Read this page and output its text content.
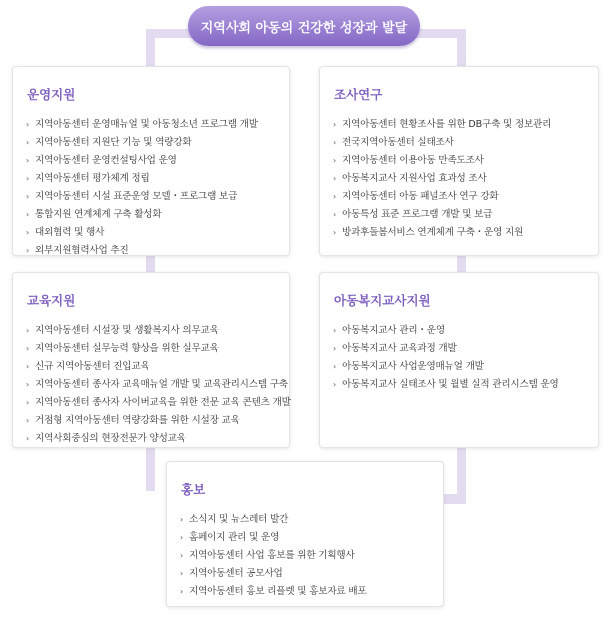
지역사회 아동의 건강한 성장과 발달
운영지원
› 지역아동센터 운영매뉴얼 및 아동청소년 프로그램 개발
› 지역아동센터 지원단 기능 및 역량강화
› 지역아동센터 운영컨설팅사업 운영
› 지역아동센터 평가체계 정립
› 지역아동센터 시설 표준운영 모델・프로그램 보급
› 통합지원 연계체계 구축 활성화
› 대외협력 및 행사
› 외부지원협력사업 추진
조사연구
› 지역아동센터 현황조사를 위한 DB구축 및 정보관리
› 전국지역아동센터 실태조사
› 지역아동센터 이용아동 만족도조사
› 아동복지교사 지원사업 효과성 조사
› 지역아동센터 아동 패널조사 연구 강화
› 아동특성 표준 프로그램 개발 및 보급
› 방과후돌봄서비스 연계체계 구축・운영 지원
교육지원
› 지역아동센터 시설장 및 생활복지사 의무교육
› 지역아동센터 실무능력 향상을 위한 실무교육
› 신규 지역아동센터 진입교육
› 지역아동센터 종사자 교육매뉴얼 개발 및 교육관리시스템 구축
› 지역아동센터 종사자 사이버교육을 위한 전문 교육 콘텐츠 개발
› 거점형 지역아동센터 역량강화를 위한 시설장 교육
› 지역사회중심의 현장전문가 양성교육
아동복지교사지원
› 아동복지교사 관리・운영
› 아동복지교사 교육과정 개발
› 아동복지교사 사업운영매뉴얼 개발
› 아동복지교사 실태조사 및 월별 실적 관리시스템 운영
홍보
› 소식지 및 뉴스레터 발간
› 홈페이지 관리 및 운영
› 지역아동센터 사업 홍보를 위한 기획행사
› 지역아동센터 공모사업
› 지역아동센터 홍보 리플렛 및 홍보자료 배포
